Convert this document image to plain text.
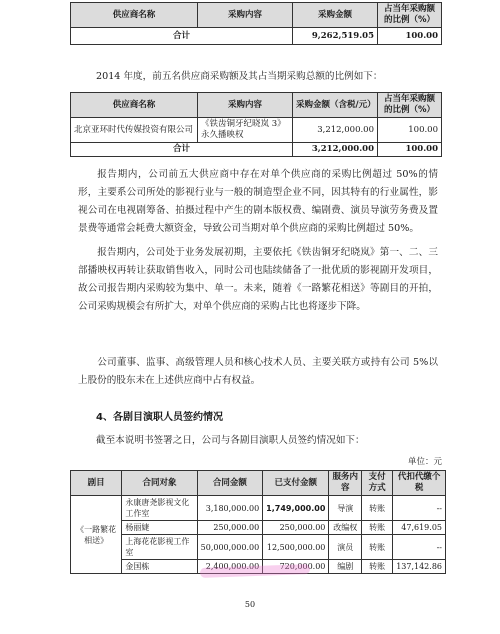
供应商名称	采购内容	采购金额	占当年采购额的比例（%）
合计		9,262,519.05	100.00
2014 年度，前五名供应商采购额及其占当期采购总额的比例如下：
供应商名称	采购内容	采购金额（含税/元）	占当年采购额的比例（%）
北京亚环时代传媒投资有限公司	《铁齿铜牙纪晓岚 3》永久播映权	3,212,000.00	100.00
合计		3,212,000.00	100.00

报告期内，公司前五大供应商中存在对单个供应商的采购比例超过 50%的情形，主要系公司所处的影视行业与一般的制造型企业不同，因其特有的行业属性，影视公司在电视剧筹备、拍摄过程中产生的剧本版权费、编剧费、演员导演劳务费及置景费等通常会耗费大额资金，导致公司当期对单个供应商的采购比例超过 50%。

报告期内，公司处于业务发展初期，主要依托《铁齿铜牙纪晓岚》第一、二、三部播映权再转让获取销售收入，同时公司也陆续储备了一批优质的影视剧开发项目，故公司报告期内采购较为集中、单一。未来，随着《一路繁花相送》等剧目的开拍，公司采购规模会有所扩大，对单个供应商的采购占比也将逐步下降。

公司董事、监事、高级管理人员和核心技术人员、主要关联方或持有公司 5%以上股份的股东未在上述供应商中占有权益。

4、各剧目演职人员签约情况
截至本说明书签署之日，公司与各剧目演职人员签约情况如下：
单位：元
剧目	合同对象	合同金额	已支付金额	服务内容	支付方式	代扣代缴个税
《一路繁花相送》	永康唐尧影视文化工作室	3,180,000.00	1,749,000.00	导演	转账	--
	杨丽婕	250,000.00	250,000.00	改编权	转账	47,619.05
	上海花花影视工作室	50,000,000.00	12,500,000.00	演员	转账	--
	金国栋	2,400,000.00	720,000.00	编剧	转账	137,142.86
50
